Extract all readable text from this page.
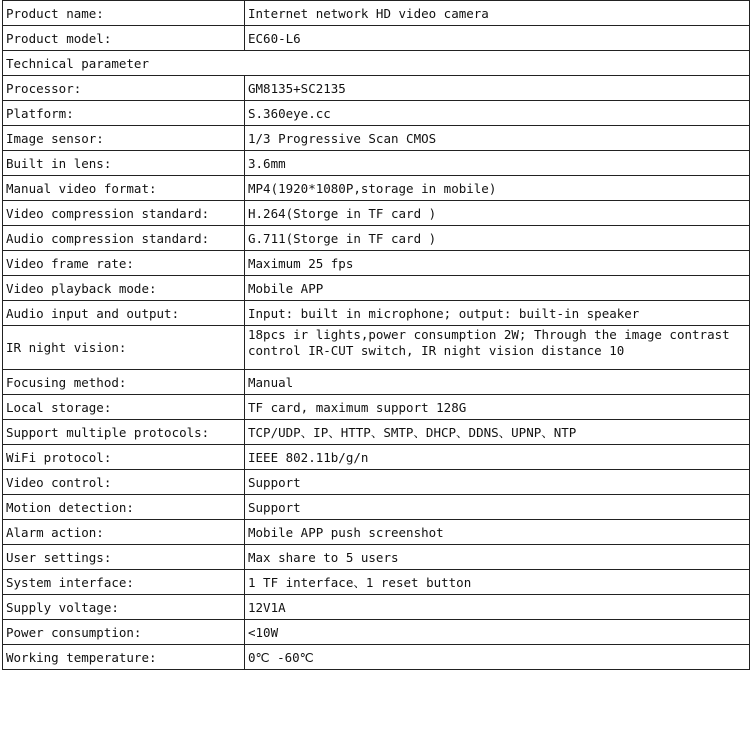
Product name:	Internet network HD video camera
Product model:	EC60-L6
Technical parameter	
Processor:	GM8135+SC2135
Platform:	S.360eye.cc
Image sensor:	1/3 Progressive Scan CMOS
Built in lens:	3.6mm
Manual video format:	MP4(1920*1080P,storage in mobile)
Video compression standard:	H.264(Storge in TF card )
Audio compression standard:	G.711(Storge in TF card )
Video frame rate:	Maximum 25 fps
Video playback mode:	Mobile APP
Audio input and output:	Input: built in microphone; output: built-in speaker
IR night vision:	18pcs ir lights,power consumption 2W; Through the image contrast control IR-CUT switch, IR night vision distance 10
Focusing method:	Manual
Local storage:	TF card, maximum support 128G
Support multiple protocols:	TCP/UDP、IP、HTTP、SMTP、DHCP、DDNS、UPNP、NTP
WiFi protocol:	IEEE 802.11b/g/n
Video control:	Support
Motion detection:	Support
Alarm action:	Mobile APP push screenshot
User settings:	Max share to 5 users
System interface:	1 TF interface、1 reset button
Supply voltage:	12V1A
Power consumption:	<10W
Working temperature:	0℃ -60℃
